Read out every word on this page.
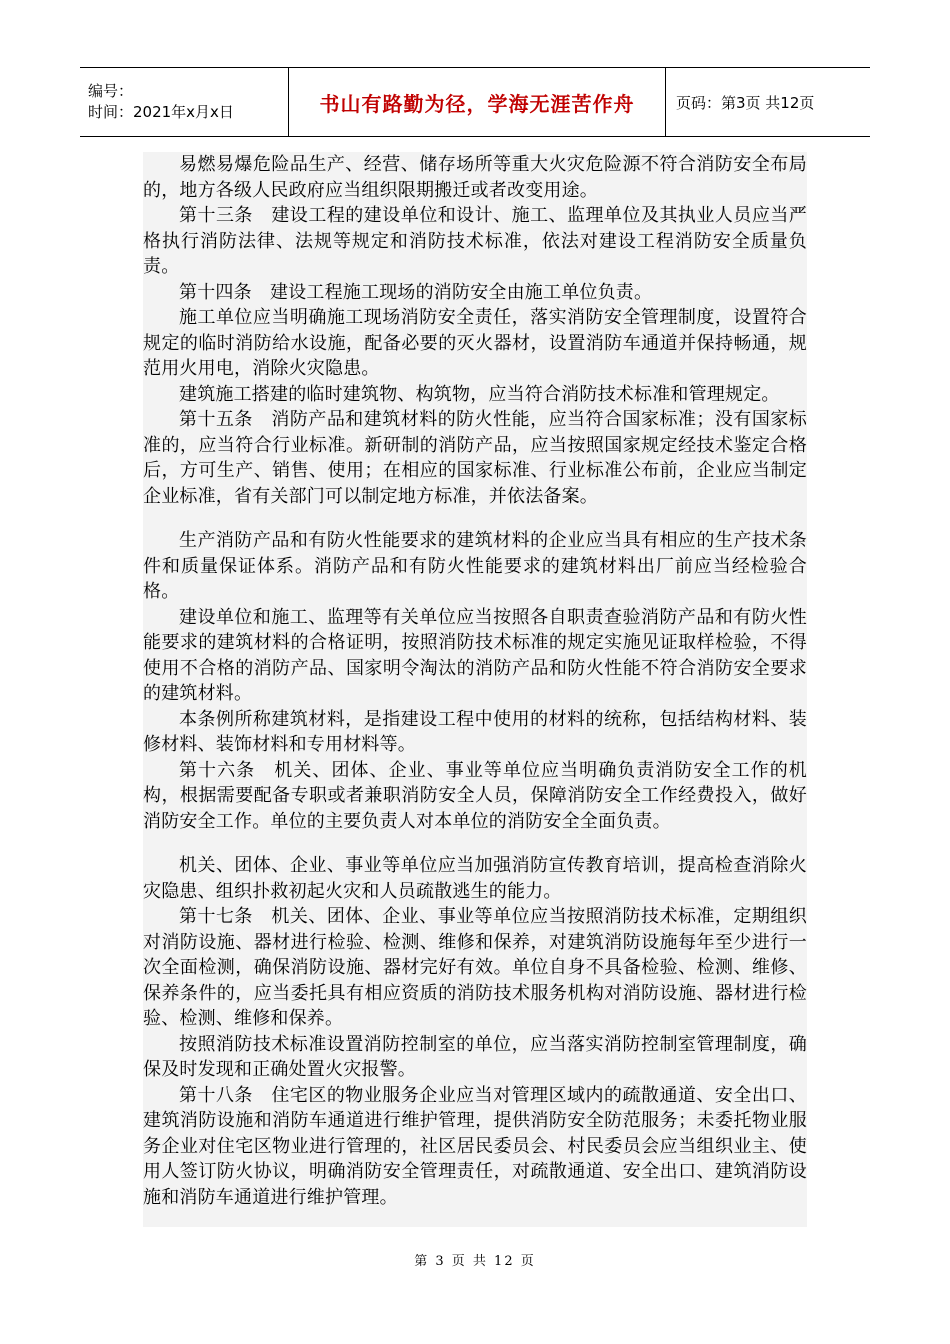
编号：
时间：2021年x月x日	书山有路勤为径，学海无涯苦作舟	页码：第3页 共12页

易燃易爆危险品生产、经营、储存场所等重大火灾危险源不符合消防安全布局的，地方各级人民政府应当组织限期搬迁或者改变用途。

第十三条　建设工程的建设单位和设计、施工、监理单位及其执业人员应当严格执行消防法律、法规等规定和消防技术标准，依法对建设工程消防安全质量负责。

第十四条　建设工程施工现场的消防安全由施工单位负责。

施工单位应当明确施工现场消防安全责任，落实消防安全管理制度，设置符合规定的临时消防给水设施，配备必要的灭火器材，设置消防车通道并保持畅通，规范用火用电，消除火灾隐患。

建筑施工搭建的临时建筑物、构筑物，应当符合消防技术标准和管理规定。

第十五条　消防产品和建筑材料的防火性能，应当符合国家标准；没有国家标准的，应当符合行业标准。新研制的消防产品，应当按照国家规定经技术鉴定合格后，方可生产、销售、使用；在相应的国家标准、行业标准公布前，企业应当制定企业标准，省有关部门可以制定地方标准，并依法备案。

生产消防产品和有防火性能要求的建筑材料的企业应当具有相应的生产技术条件和质量保证体系。消防产品和有防火性能要求的建筑材料出厂前应当经检验合格。

建设单位和施工、监理等有关单位应当按照各自职责查验消防产品和有防火性能要求的建筑材料的合格证明，按照消防技术标准的规定实施见证取样检验，不得使用不合格的消防产品、国家明令淘汰的消防产品和防火性能不符合消防安全要求的建筑材料。

本条例所称建筑材料，是指建设工程中使用的材料的统称，包括结构材料、装修材料、装饰材料和专用材料等。

第十六条　机关、团体、企业、事业等单位应当明确负责消防安全工作的机构，根据需要配备专职或者兼职消防安全人员，保障消防安全工作经费投入，做好消防安全工作。单位的主要负责人对本单位的消防安全全面负责。

机关、团体、企业、事业等单位应当加强消防宣传教育培训，提高检查消除火灾隐患、组织扑救初起火灾和人员疏散逃生的能力。

第十七条　机关、团体、企业、事业等单位应当按照消防技术标准，定期组织对消防设施、器材进行检验、检测、维修和保养，对建筑消防设施每年至少进行一次全面检测，确保消防设施、器材完好有效。单位自身不具备检验、检测、维修、保养条件的，应当委托具有相应资质的消防技术服务机构对消防设施、器材进行检验、检测、维修和保养。

按照消防技术标准设置消防控制室的单位，应当落实消防控制室管理制度，确保及时发现和正确处置火灾报警。

第十八条　住宅区的物业服务企业应当对管理区域内的疏散通道、安全出口、建筑消防设施和消防车通道进行维护管理，提供消防安全防范服务；未委托物业服务企业对住宅区物业进行管理的，社区居民委员会、村民委员会应当组织业主、使用人签订防火协议，明确消防安全管理责任，对疏散通道、安全出口、建筑消防设施和消防车通道进行维护管理。

第 3 页 共 12 页
